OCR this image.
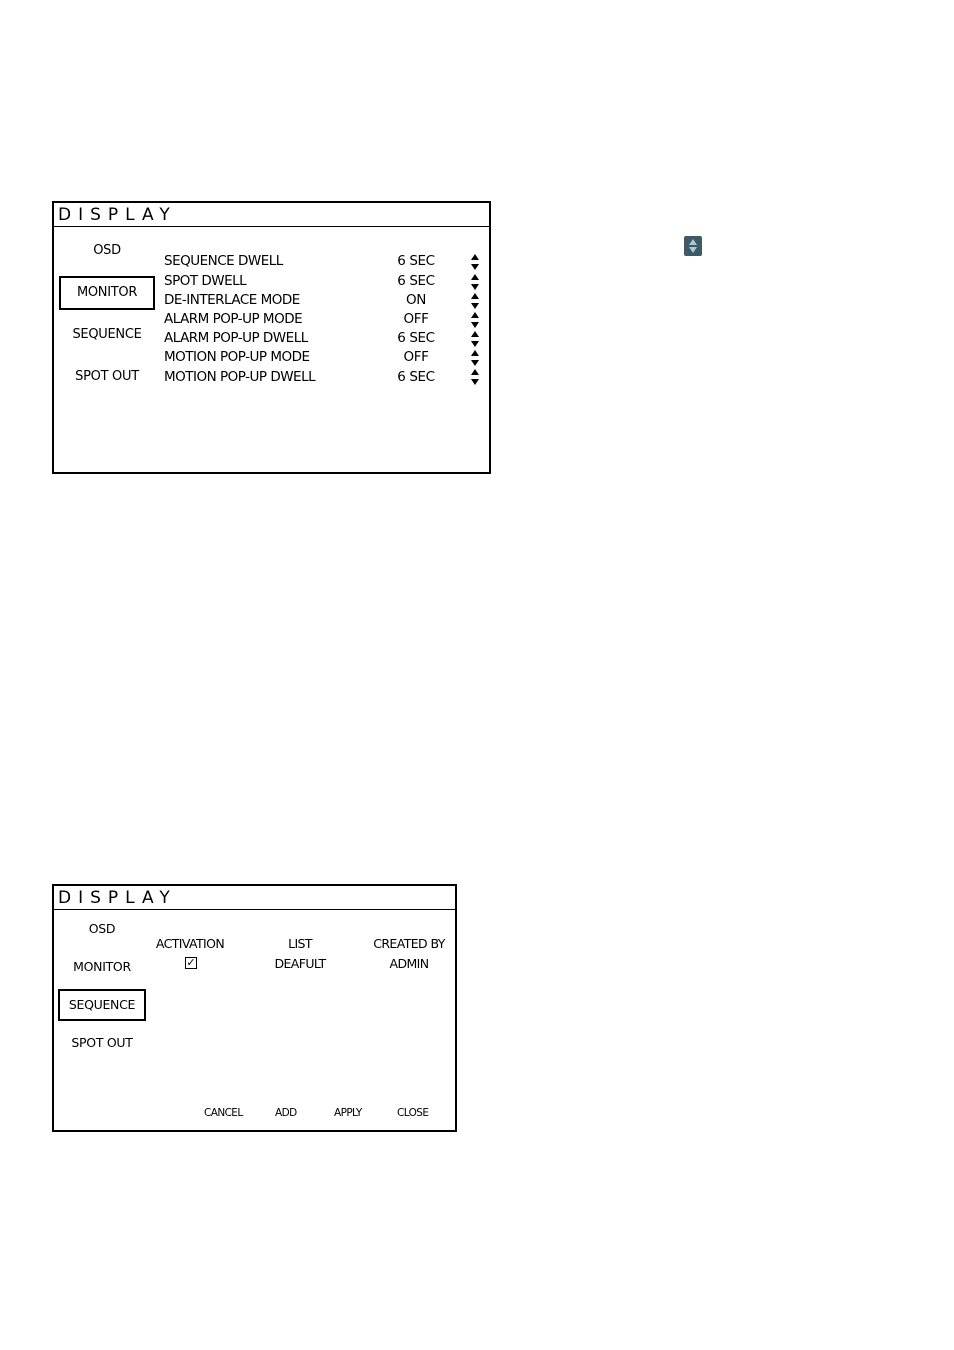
DISPLAY
OSD
MONITOR
SEQUENCE
SPOT OUT
SEQUENCE DWELL	6 SEC
SPOT DWELL	6 SEC
DE-INTERLACE MODE	ON
ALARM POP-UP MODE	OFF
ALARM POP-UP DWELL	6 SEC
MOTION POP-UP MODE	OFF
MOTION POP-UP DWELL	6 SEC
DISPLAY
OSD
MONITOR
SEQUENCE
SPOT OUT
ACTIVATION	LIST	CREATED BY
✓	DEAFULT	ADMIN
CANCEL	ADD	APPLY	CLOSE
